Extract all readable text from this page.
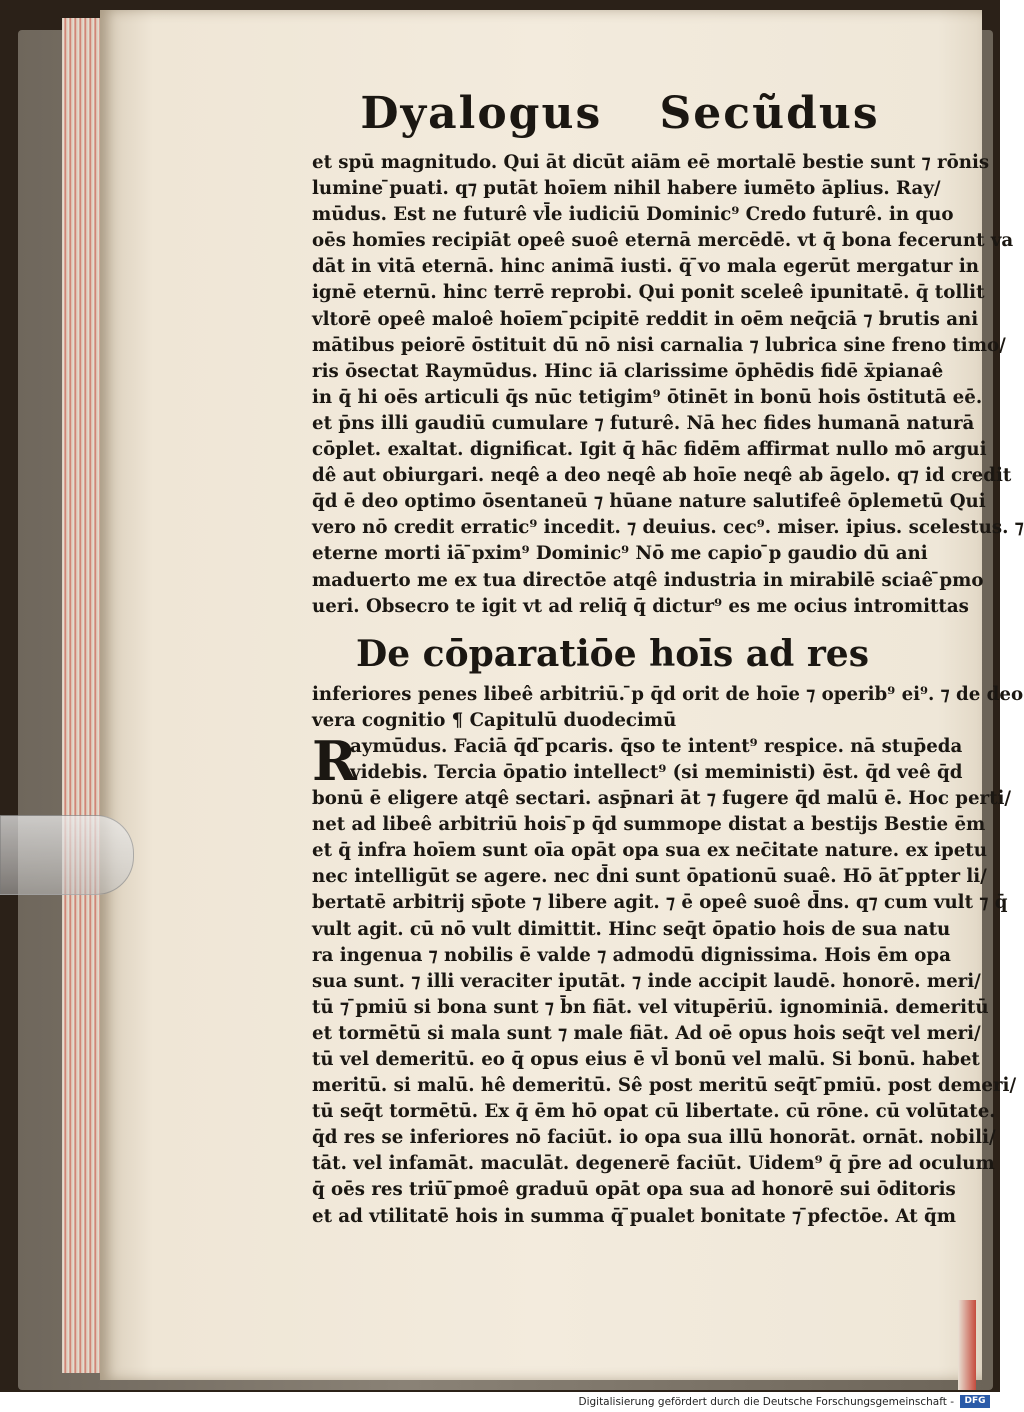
Dyalogus Secũdus
et spū magnitudo. Qui āt dicūt aiām eē mortalē bestie sunt ⁊ rōnis
lumine ̄puati. q⁊ putāt hoīem nihil habere iumēto āplius. Ray/
mūdus. Est ne futurê vl̄e iudiciū Dominic⁹ Credo futurê. in quo
oēs homīes recipiāt opeê suoê eternā mercēdē. vt q̄ bona fecerunt va
dāt in vitā eternā. hinc animā̄ iusti. q̄ ̄vo mala egerūt mergatur in
ignē eternū. hinc terrē reprobi. Qui ponit sceleê ipunitatē. q̄ tollit
vltorē opeê maloê hoīem ̄pcipitē reddit in oēm neq̄ciā ⁊ brutis ani
mātibus peiorē ōstituit dū nō nisi carnalia ⁊ lubrica sine freno timo/
ris ōsectat Raymūdus. Hinc iā clarissime ōphēdis fidē x̄pianaê
in q̄ hi oēs articuli q̄s nūc tetigim⁹ ōtinēt in bonū hois ōstitutā eē.
et p̄ns illi gaudiū cumulare ⁊ futurê. Nā hec fides humanā naturā
cōplet. exaltat. dignificat. Igit q̄ hāc fidēm affirmat nullo mō argui
dê aut obiurgari. neqê a deo neqê ab hoīe neqê ab āgelo. q⁊ id credit
q̄d ē deo optimo ōsentaneū ⁊ hūane nature salutifeê ōplemetū Qui
vero nō credit erratic⁹ incedit. ⁊ deuius. cec⁹. miser. ipius. scelestus. ⁊
eterne morti iā ̄pxim⁹ Dominic⁹ Nō me capio ̄p gaudio dū ani
maduerto me ex tua directōe atqê industria in mirabilē sciaê ̄pmo
ueri. Obsecro te igit vt ad reliq̄ q̄ dictur⁹ es me ocius intromittas
De cōparatiōe hoīs ad res
inferiores penes libeê arbitriū. ̄p q̄d orit de hoīe ⁊ operib⁹ ei⁹. ⁊ de deo
vera cognitio ¶ Capitulū duodecimū
R
aymūdus. Faciā q̄d ̄pcaris. q̄so te intent⁹ respice. nā stup̄eda
videbis. Tercia ōpatio intellect⁹ (si meministi) ēst. q̄d veê q̄d
bonū ē eligere atqê sectari. asp̄nari āt ⁊ fugere q̄d malū ē. Hoc perti/
net ad libeê arbitriū hois ̄p q̄d summope distat a bestijs Bestie ēm
et q̄ infra hoīem sunt oīa opāt opa sua ex nec̄itate nature. ex ipetu
nec intelligūt se agere. nec d̄ni sunt ōpationū suaê. Hō āt ̄ppter li/
bertatē arbitrij sp̄ote ⁊ libere agit. ⁊ ē opeê suoê d̄ns. q⁊ cum vult ⁊ q̄
vult agit. cū nō vult dimittit. Hinc seq̄t ōpatio hois de sua natu
ra ingenua ⁊ nobilis ē valde ⁊ admodū dignissima. Hois ēm opa
sua sunt. ⁊ illi veraciter iputāt. ⁊ inde accipit laudē. honorē. meri/
tū ⁊ ̄pmiū si bona sunt ⁊ b̄n fiāt. vel vitupēriū. ignominiā. demeritū
et tormētū si mala sunt ⁊ male fiāt. Ad oē opus hois seq̄t vel meri/
tū vel demeritū. eo q̄ opus eius ē vl̄ bonū vel malū. Si bonū. habet
meritū. si malū. hê demeritū. Sê post meritū seq̄t ̄pmiū. post demeri/
tū seq̄t tormētū. Ex q̄ ēm hō opat cū libertate. cū rōne. cū volūtate.
q̄d res se inferiores nō faciūt. io opa sua illū honorāt. ornāt. nobili/
tāt. vel infamāt. maculāt. degenerē faciūt. Uidem⁹ q̄ p̄re ad oculum
q̄ oēs res triū ̄pmoê graduū opāt opa sua ad honorē sui ōditoris
et ad vtilitatē hois in summa q̄ ̄pualet bonitate ⁊ ̄pfectōe. At q̄m
Digitalisierung gefördert durch die Deutsche Forschungsgemeinschaft -	DFG
